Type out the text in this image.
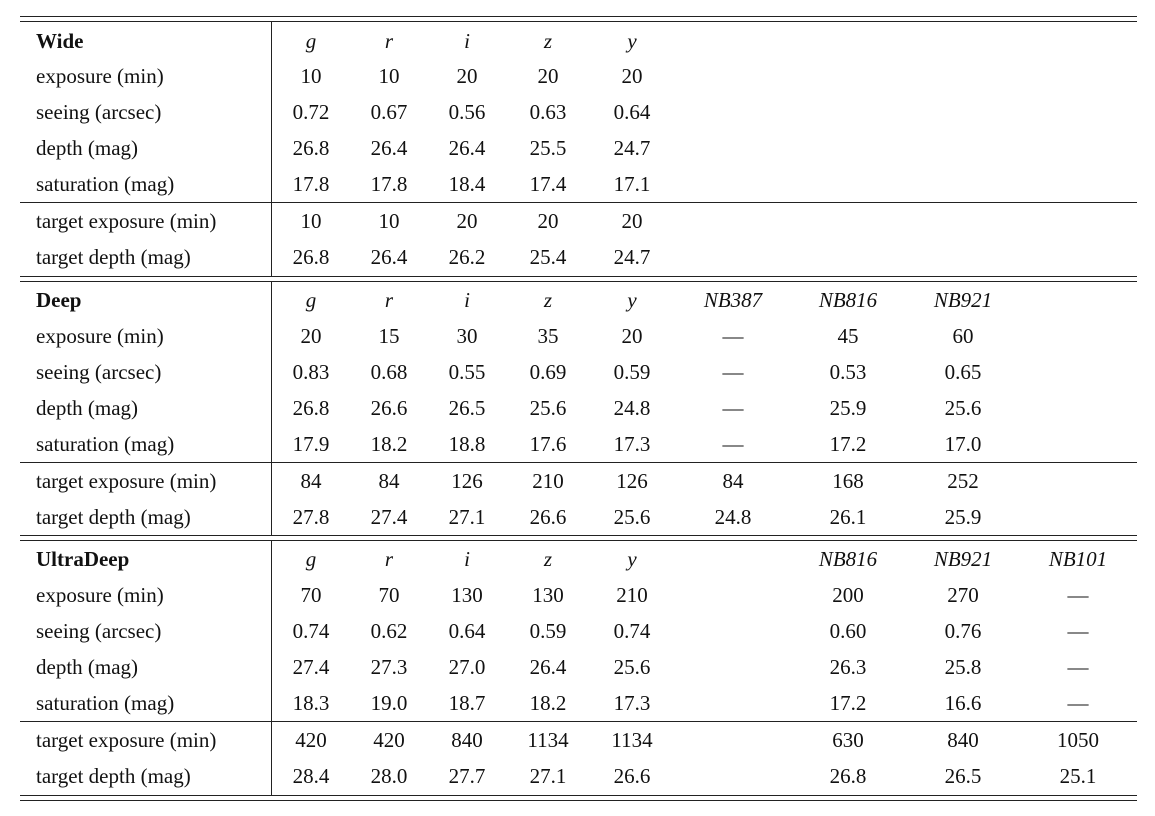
Wide	g	r	i	z	y
exposure (min)	10	10	20	20	20
seeing (arcsec)	0.72	0.67	0.56	0.63	0.64
depth (mag)	26.8	26.4	26.4	25.5	24.7
saturation (mag)	17.8	17.8	18.4	17.4	17.1
target exposure (min)	10	10	20	20	20
target depth (mag)	26.8	26.4	26.2	25.4	24.7
Deep	g	r	i	z	y	NB387	NB816	NB921
exposure (min)	20	15	30	35	20	—	45	60
seeing (arcsec)	0.83	0.68	0.55	0.69	0.59	—	0.53	0.65
depth (mag)	26.8	26.6	26.5	25.6	24.8	—	25.9	25.6
saturation (mag)	17.9	18.2	18.8	17.6	17.3	—	17.2	17.0
target exposure (min)	84	84	126	210	126	84	168	252
target depth (mag)	27.8	27.4	27.1	26.6	25.6	24.8	26.1	25.9
UltraDeep	g	r	i	z	y	NB816	NB921	NB101
exposure (min)	70	70	130	130	210	200	270	—
seeing (arcsec)	0.74	0.62	0.64	0.59	0.74	0.60	0.76	—
depth (mag)	27.4	27.3	27.0	26.4	25.6	26.3	25.8	—
saturation (mag)	18.3	19.0	18.7	18.2	17.3	17.2	16.6	—
target exposure (min)	420	420	840	1134	1134	630	840	1050
target depth (mag)	28.4	28.0	27.7	27.1	26.6	26.8	26.5	25.1
